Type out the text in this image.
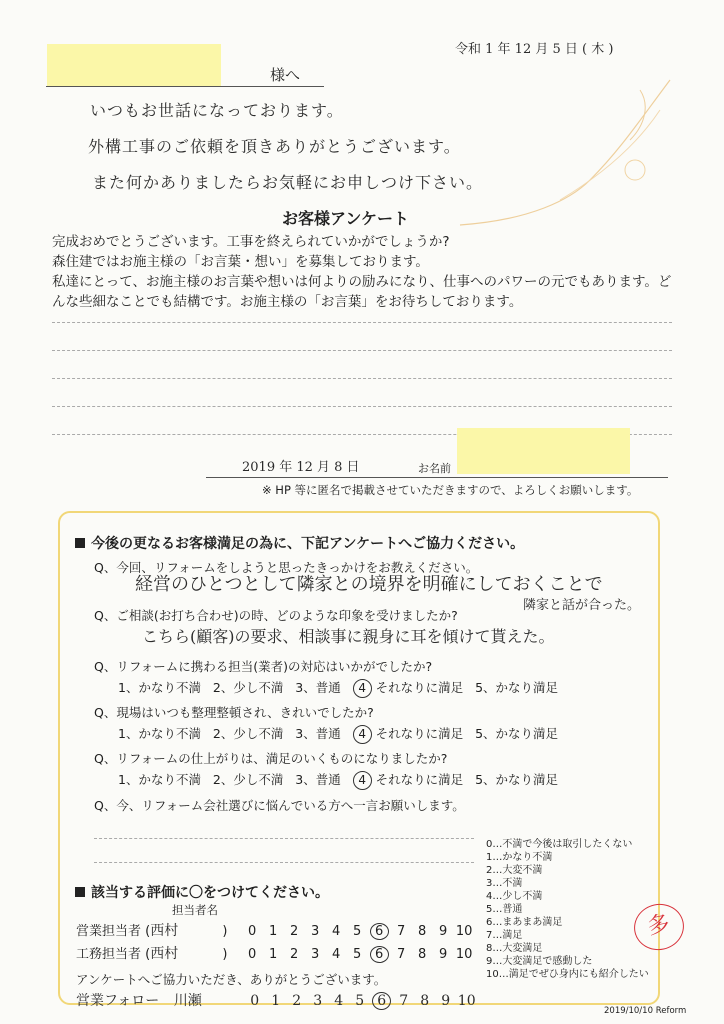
様へ
令和 1 年 12 月 5 日 ( 木 )
いつもお世話になっております。
外構工事のご依頼を頂きありがとうございます。
また何かありましたらお気軽にお申しつけ下さい。
お客様アンケート
完成おめでとうございます。工事を終えられていかがでしょうか?
森住建ではお施主様の「お言葉・想い」を募集しております。
私達にとって、お施主様のお言葉や想いは何よりの励みになり、仕事へのパワーの元でもあります。どんな些細なことでも結構です。お施主様の「お言葉」をお待ちしております。
2019 年 12 月 8 日	お名前
※ HP 等に匿名で掲載させていただきますので、よろしくお願いします。
今後の更なるお客様満足の為に、下記アンケートへご協力ください。
Q、今回、リフォームをしようと思ったきっかけをお教えください。
経営のひとつとして隣家との境界を明確にしておくことで
隣家と話が合った。
Q、ご相談(お打ち合わせ)の時、どのような印象を受けましたか?
こちら(顧客)の要求、相談事に親身に耳を傾けて貰えた。
Q、リフォームに携わる担当(業者)の対応はいかがでしたか?
1、かなり不満 2、少し不満 3、普通 4 それなりに満足 5、かなり満足
Q、現場はいつも整理整頓され、きれいでしたか?
1、かなり不満 2、少し不満 3、普通 4 それなりに満足 5、かなり満足
Q、リフォームの仕上がりは、満足のいくものになりましたか?
1、かなり不満 2、少し不満 3、普通 4 それなりに満足 5、かなり満足
Q、今、リフォーム会社選びに悩んでいる方へ一言お願いします。
該当する評価に〇をつけてください。
担当者名
営業担当者 (西村	) 0 1 2 3 4 5 6 7 8 9 10
工務担当者 (西村	) 0 1 2 3 4 5 6 7 8 9 10
アンケートへご協力いただき、ありがとうございます。
営業フォロー 川瀬	0 1 2 3 4 5 6 7 8 9 10
0…不満で今後は取引したくない
1…かなり不満
2…大変不満
3…不満
4…少し不満
5…普通
6…まあまあ満足
7…満足
8…大変満足
9…大変満足で感動した
10…満足でぜひ身内にも紹介したい
多
2019/10/10 Reform
